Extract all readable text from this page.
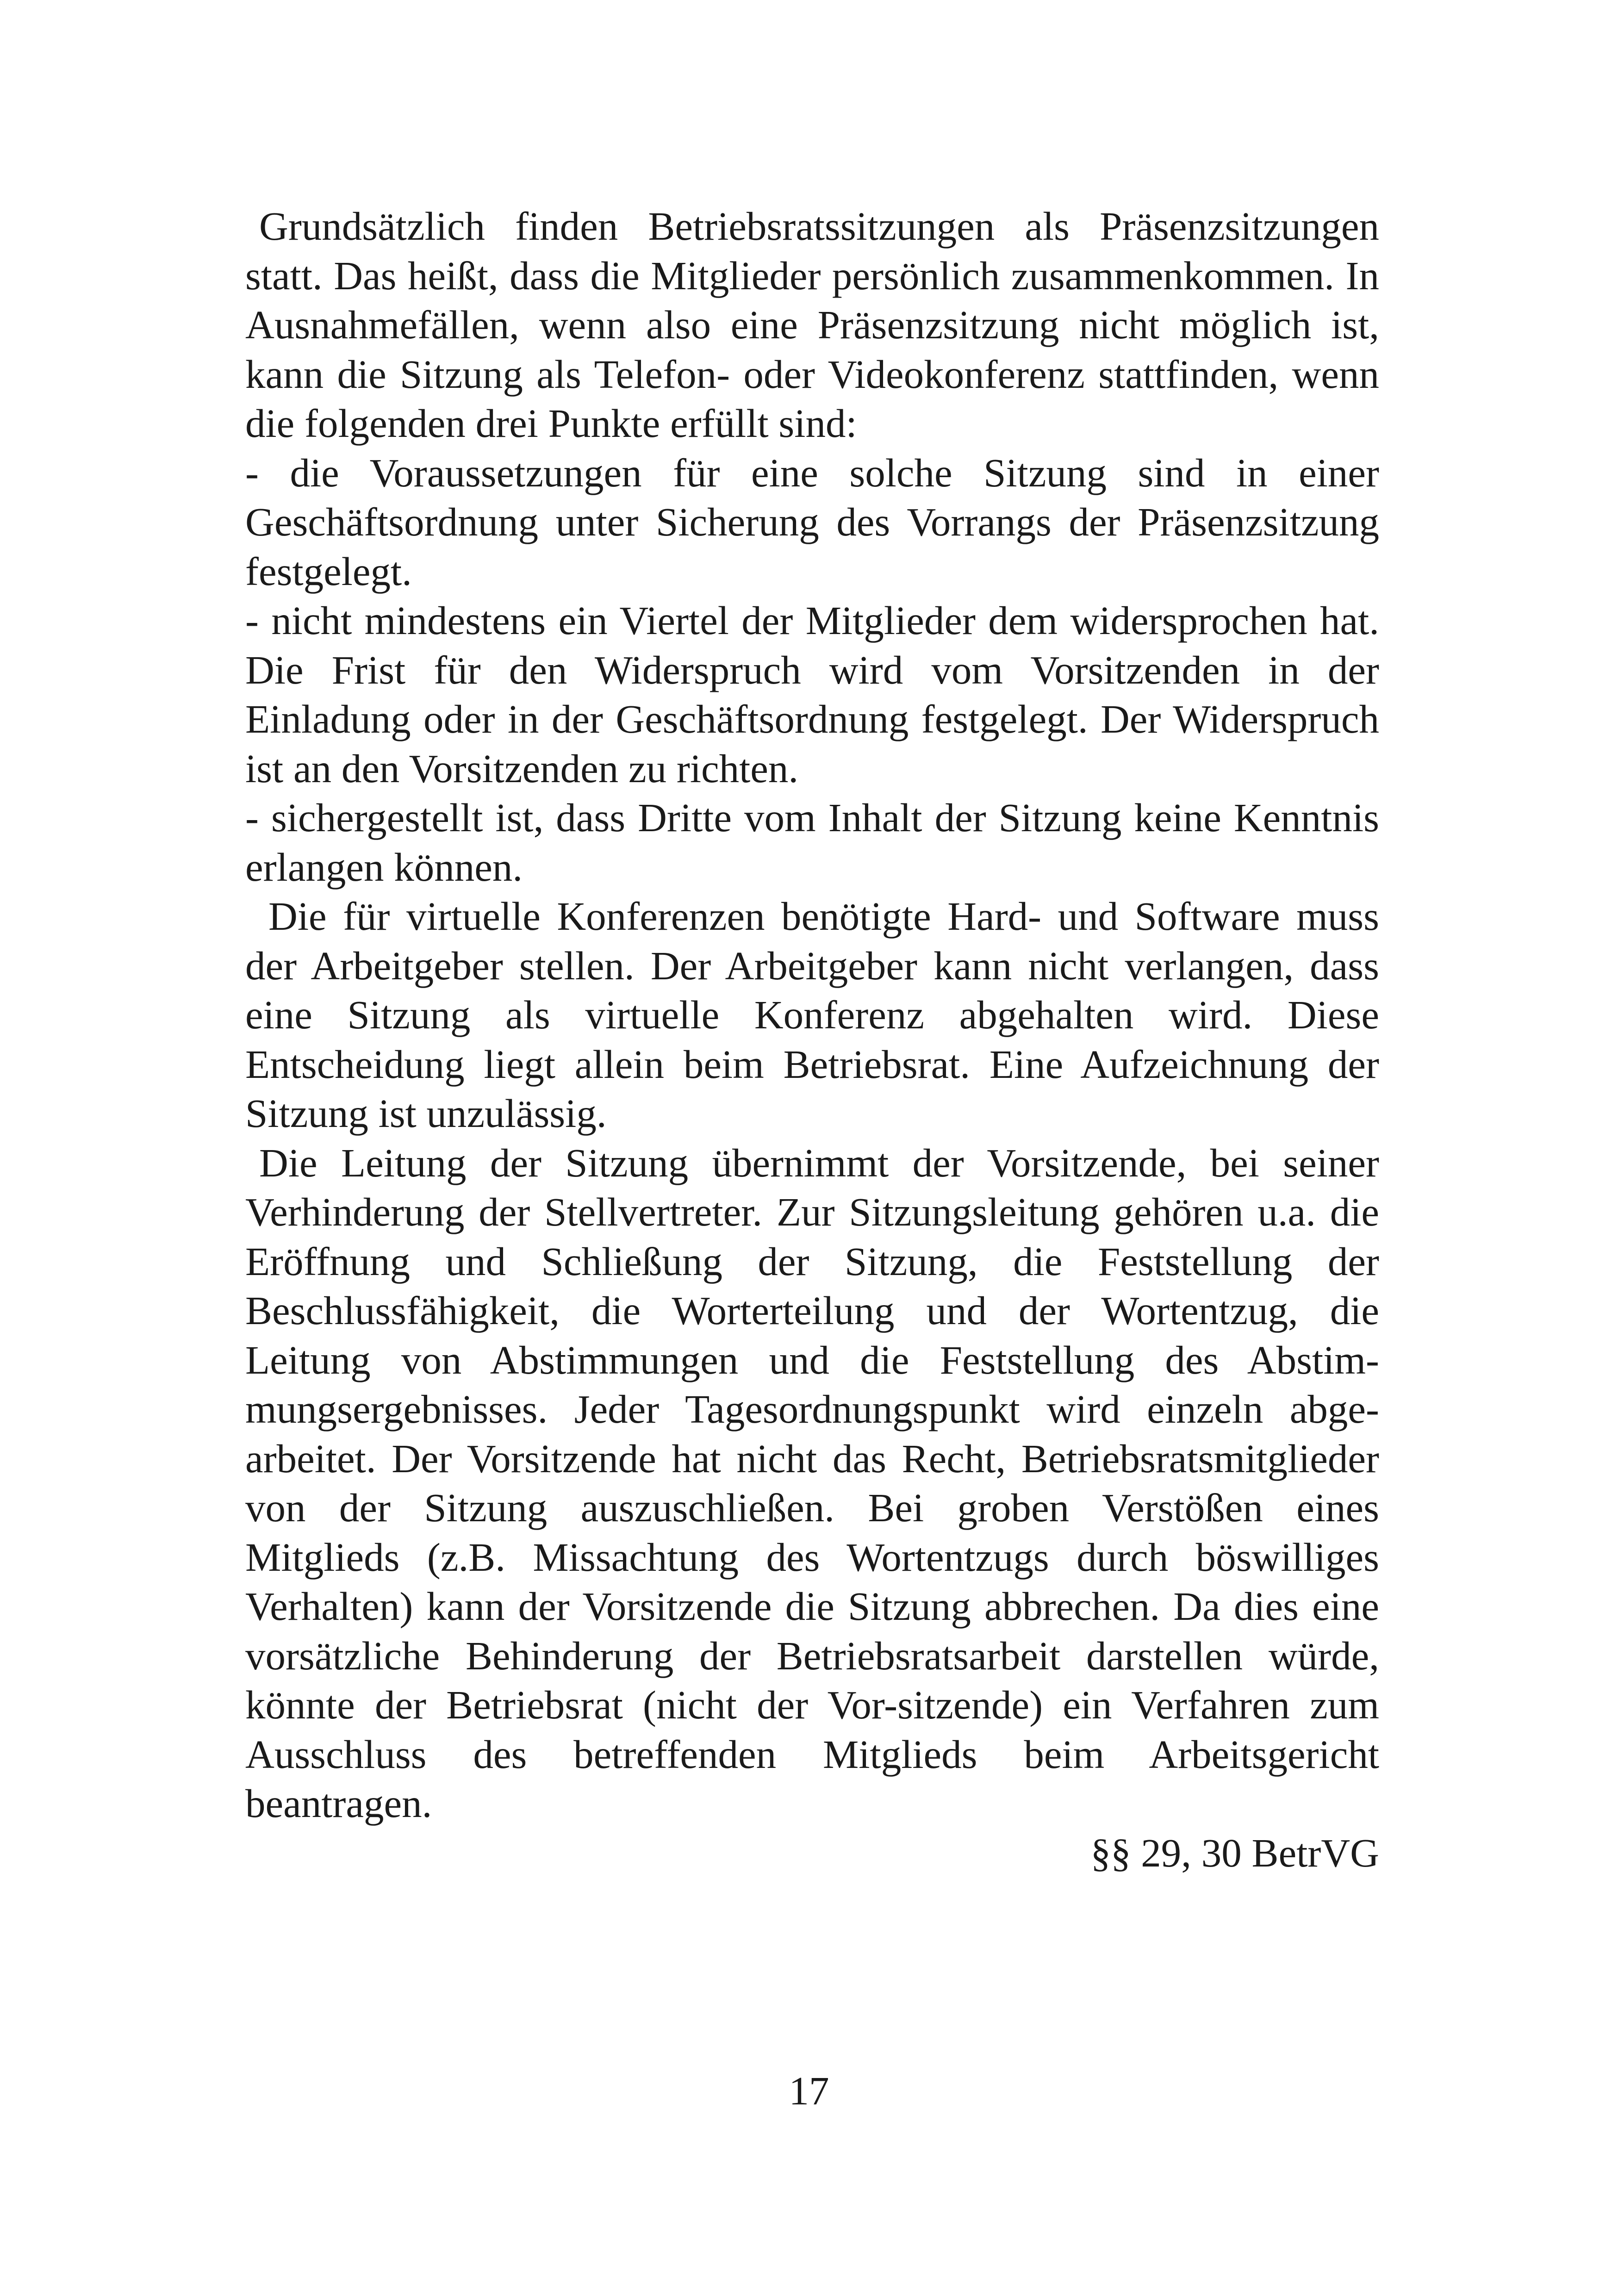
Grundsätzlich finden Betriebsratssitzungen als Präsenzsitzungen statt. Das heißt, dass die Mitglieder persönlich zusammenkommen. In Ausnahmefällen, wenn also eine Präsenzsitzung nicht möglich ist, kann die Sitzung als Telefon- oder Videokonferenz stattfinden, wenn die folgenden drei Punkte erfüllt sind:

- die Voraussetzungen für eine solche Sitzung sind in einer Geschäftsordnung unter Sicherung des Vorrangs der Präsenzsitzung festgelegt.

- nicht mindestens ein Viertel der Mitglieder dem widersprochen hat. Die Frist für den Widerspruch wird vom Vorsitzenden in der Einladung oder in der Geschäftsordnung festgelegt. Der Widerspruch ist an den Vorsitzenden zu richten.

- sichergestellt ist, dass Dritte vom Inhalt der Sitzung keine Kenntnis erlangen können.

Die für virtuelle Konferenzen benötigte Hard- und Software muss der Arbeitgeber stellen. Der Arbeitgeber kann nicht verlangen, dass eine Sitzung als virtuelle Konferenz abgehalten wird. Diese Entscheidung liegt allein beim Betriebsrat. Eine Aufzeichnung der Sitzung ist unzulässig.

Die Leitung der Sitzung übernimmt der Vorsitzende, bei seiner Verhinderung der Stellvertreter. Zur Sitzungsleitung gehören u.a. die Eröffnung und Schließung der Sitzung, die Feststellung der Beschlussfähigkeit, die Worterteilung und der Wortentzug, die Leitung von Abstimmungen und die Feststellung des Abstimmungsergebnisses. Jeder Tagesordnungspunkt wird einzeln abgearbeitet. Der Vorsitzende hat nicht das Recht, Betriebsratsmitglieder von der Sitzung auszuschließen. Bei groben Verstößen eines Mitglieds (z.B. Missachtung des Wortentzugs durch böswilliges Verhalten) kann der Vorsitzende die Sitzung abbrechen. Da dies eine vorsätzliche Behinderung der Betriebsratsarbeit darstellen würde, könnte der Betriebsrat (nicht der Vor-sitzende) ein Verfahren zum Ausschluss des betreffenden Mitglieds beim Arbeitsgericht beantragen.

§§ 29, 30 BetrVG

17
